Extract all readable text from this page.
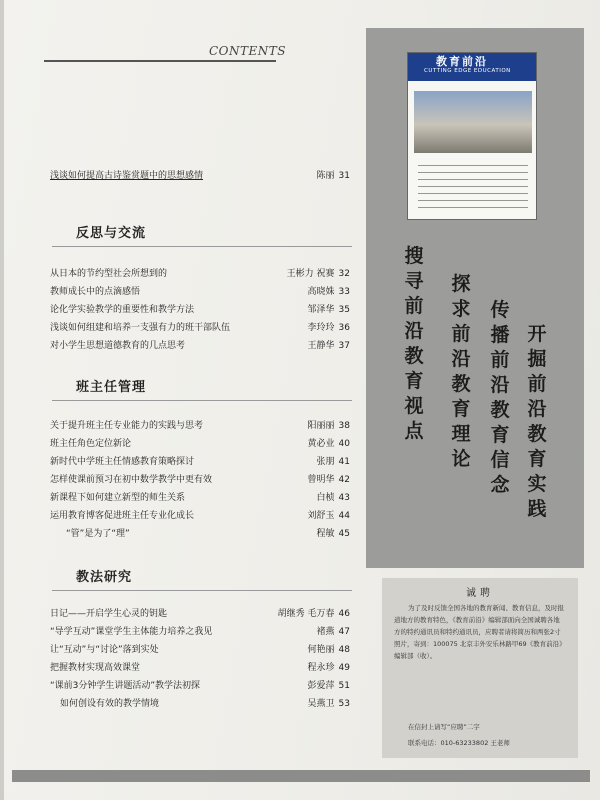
CONTENTS
浅谈如何提高古诗鉴赏题中的思想感情	陈丽 31
反思与交流
从日本的节约型社会所想到的	王彬力 祝赛 32
教师成长中的点滴感悟	高晓姝 33
论化学实验教学的重要性和教学方法	邹泽华 35
浅谈如何组建和培养一支强有力的班干部队伍	李玲玲 36
对小学生思想道德教育的几点思考	王静华 37
班主任管理
关于提升班主任专业能力的实践与思考	阳丽丽 38
班主任角色定位新论	黄必业 40
新时代中学班主任情感教育策略探讨	张朋 41
怎样使课前预习在初中数学教学中更有效	曾明华 42
新课程下如何建立新型的师生关系	白桢 43
运用教育博客促进班主任专业化成长	刘舒玉 44
“管”是为了“理”	程敏 45
教法研究
日记——开启学生心灵的钥匙	胡继秀 毛万春 46
“导学互动”课堂学生主体能力培养之我见	褚燕 47
让“互动”与“讨论”落到实处	何艳丽 48
把握教材实现高效课堂	程永珍 49
“课前3分钟学生讲题活动”教学法初探	彭爱萍 51
如何创设有效的教学情境	吴燕卫 53
教育前沿
CUTTING EDGE EDUCATION
开掘前沿教育实践
传播前沿教育信念
探求前沿教育理论
搜寻前沿教育视点
诚聘
为了及时反馈全国各地的教育新闻、教育信息，及时报道地方的教育特色，《教育前沿》编辑部面向全国诚聘各地方的特约通讯员和特约通讯员，应聘者请将简历和两张2寸照片，寄到：100075 北京丰外安乐林路甲69《教育前沿》编辑部（收）。
在信封上请写“应聘”二字
联系电话：010-63233802 王老师
